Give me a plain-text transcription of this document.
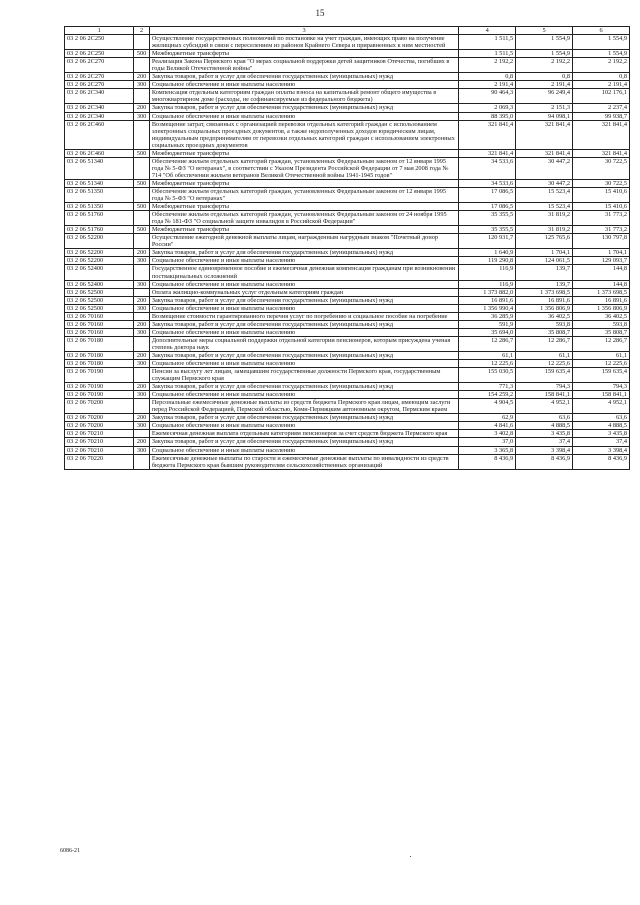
15
1	2	3	4	5	6
03 2 06 2C250		Осуществление государственных полномочий по постановке на учет граждан, имеющих право на получение жилищных субсидий в связи с переселением из районов Крайнего Севера и приравненных к ним местностей	1 511,5	1 554,9	1 554,9
03 2 06 2C250	500	Межбюджетные трансферты	1 511,5	1 554,9	1 554,9
03 2 06 2C270		Реализация Закона Пермского края "О мерах социальной поддержки детей защитников Отечества, погибших в годы Великой Отечественной войны"	2 192,2	2 192,2	2 192,2
03 2 06 2C270	200	Закупка товаров, работ и услуг для обеспечения государственных (муниципальных) нужд	0,8	0,8	0,8
03 2 06 2C270	300	Социальное обеспечение и иные выплаты населению	2 191,4	2 191,4	2 191,4
03 2 06 2C340		Компенсация отдельным категориям граждан оплаты взноса на капитальный ремонт общего имущества в многоквартирном доме (расходы, не софинансируемые из федерального бюджета)	90 464,3	96 249,4	102 176,1
03 2 06 2C340	200	Закупка товаров, работ и услуг для обеспечения государственных (муниципальных) нужд	2 069,3	2 151,3	2 237,4
03 2 06 2C340	300	Социальное обеспечение и иные выплаты населению	88 395,0	94 098,1	99 938,7
03 2 06 2C460		Возмещение затрат, связанных с организацией перевозки отдельных категорий граждан с использованием электронных социальных проездных документов, а также недополученных доходов юридическим лицам, индивидуальным предпринимателям от перевозки отдельных категорий граждан с использованием электронных социальных проездных документов	321 841,4	321 841,4	321 841,4
03 2 06 2C460	500	Межбюджетные трансферты	321 841,4	321 841,4	321 841,4
03 2 06 51340		Обеспечение жильем отдельных категорий граждан, установленных Федеральным законом от 12 января 1995 года № 5-ФЗ "О ветеранах", в соответствии с Указом Президента Российской Федерации от 7 мая 2008 года № 714 "Об обеспечении жильем ветеранов Великой Отечественной войны 1941-1945 годов"	34 533,6	30 447,2	30 722,5
03 2 06 51340	500	Межбюджетные трансферты	34 533,6	30 447,2	30 722,5
03 2 06 51350		Обеспечение жильем отдельных категорий граждан, установленных Федеральным законом от 12 января 1995 года № 5-ФЗ "О ветеранах"	17 086,5	15 523,4	15 410,6
03 2 06 51350	500	Межбюджетные трансферты	17 086,5	15 523,4	15 410,6
03 2 06 51760		Обеспечение жильем отдельных категорий граждан, установленных Федеральным законом от 24 ноября 1995 года № 181-ФЗ "О социальной защите инвалидов в Российской Федерации"	35 355,5	31 819,2	31 773,2
03 2 06 51760	500	Межбюджетные трансферты	35 355,5	31 819,2	31 773,2
03 2 06 52200		Осуществление ежегодной денежной выплаты лицам, награжденным нагрудным знаком "Почетный донор России"	120 931,7	125 765,6	130 797,8
03 2 06 52200	200	Закупка товаров, работ и услуг для обеспечения государственных (муниципальных) нужд	1 640,9	1 704,1	1 704,1
03 2 06 52200	300	Социальное обеспечение и иные выплаты населению	119 290,8	124 061,5	129 093,7
03 2 06 52400		Государственное единовременное пособие и ежемесячная денежная компенсация гражданам при возникновении поствакцинальных осложнений	116,9	139,7	144,8
03 2 06 52400	300	Социальное обеспечение и иные выплаты населению	116,9	139,7	144,8
03 2 06 52500		Оплата жилищно-коммунальных услуг отдельным категориям граждан	1 373 882,0	1 373 698,5	1 373 698,5
03 2 06 52500	200	Закупка товаров, работ и услуг для обеспечения государственных (муниципальных) нужд	16 891,6	16 891,6	16 891,6
03 2 06 52500	300	Социальное обеспечение и иные выплаты населению	1 356 990,4	1 356 806,9	1 356 806,9
03 2 06 70160		Возмещение стоимости гарантированного перечня услуг по погребению и социальное пособие на погребение	36 285,9	36 402,5	36 402,5
03 2 06 70160	200	Закупка товаров, работ и услуг для обеспечения государственных (муниципальных) нужд	591,9	593,8	593,8
03 2 06 70160	300	Социальное обеспечение и иные выплаты населению	35 694,0	35 808,7	35 808,7
03 2 06 70180		Дополнительные меры социальной поддержки отдельной категории пенсионеров, которым присуждена ученая степень доктора наук	12 286,7	12 286,7	12 286,7
03 2 06 70180	200	Закупка товаров, работ и услуг для обеспечения государственных (муниципальных) нужд	61,1	61,1	61,1
03 2 06 70180	300	Социальное обеспечение и иные выплаты населению	12 225,6	12 225,6	12 225,6
03 2 06 70190		Пенсии за выслугу лет лицам, замещавшим государственные должности Пермского края, государственным служащим Пермского края	155 030,5	159 635,4	159 635,4
03 2 06 70190	200	Закупка товаров, работ и услуг для обеспечения государственных (муниципальных) нужд	771,3	794,3	794,3
03 2 06 70190	300	Социальное обеспечение и иные выплаты населению	154 259,2	158 841,1	158 841,1
03 2 06 70200		Персональные ежемесячные денежные выплаты из средств бюджета Пермского края лицам, имеющим заслуги перед Российской Федерацией, Пермской областью, Коми-Пермяцким автономным округом, Пермским краем	4 904,5	4 952,1	4 952,1
03 2 06 70200	200	Закупка товаров, работ и услуг для обеспечения государственных (муниципальных) нужд	62,9	63,6	63,6
03 2 06 70200	300	Социальное обеспечение и иные выплаты населению	4 841,6	4 888,5	4 888,5
03 2 06 70210		Ежемесячная денежная выплата отдельным категориям пенсионеров за счет средств бюджета Пермского края	3 402,8	3 435,8	3 435,8
03 2 06 70210	200	Закупка товаров, работ и услуг для обеспечения государственных (муниципальных) нужд	37,0	37,4	37,4
03 2 06 70210	300	Социальное обеспечение и иные выплаты населению	3 365,8	3 398,4	3 398,4
03 2 06 70220		Ежемесячные денежные выплаты по старости и ежемесячные денежные выплаты по инвалидности из средств бюджета Пермского края бывшим руководителям сельскохозяйственных организаций	8 436,9	8 436,9	8 436,9
6086-21
